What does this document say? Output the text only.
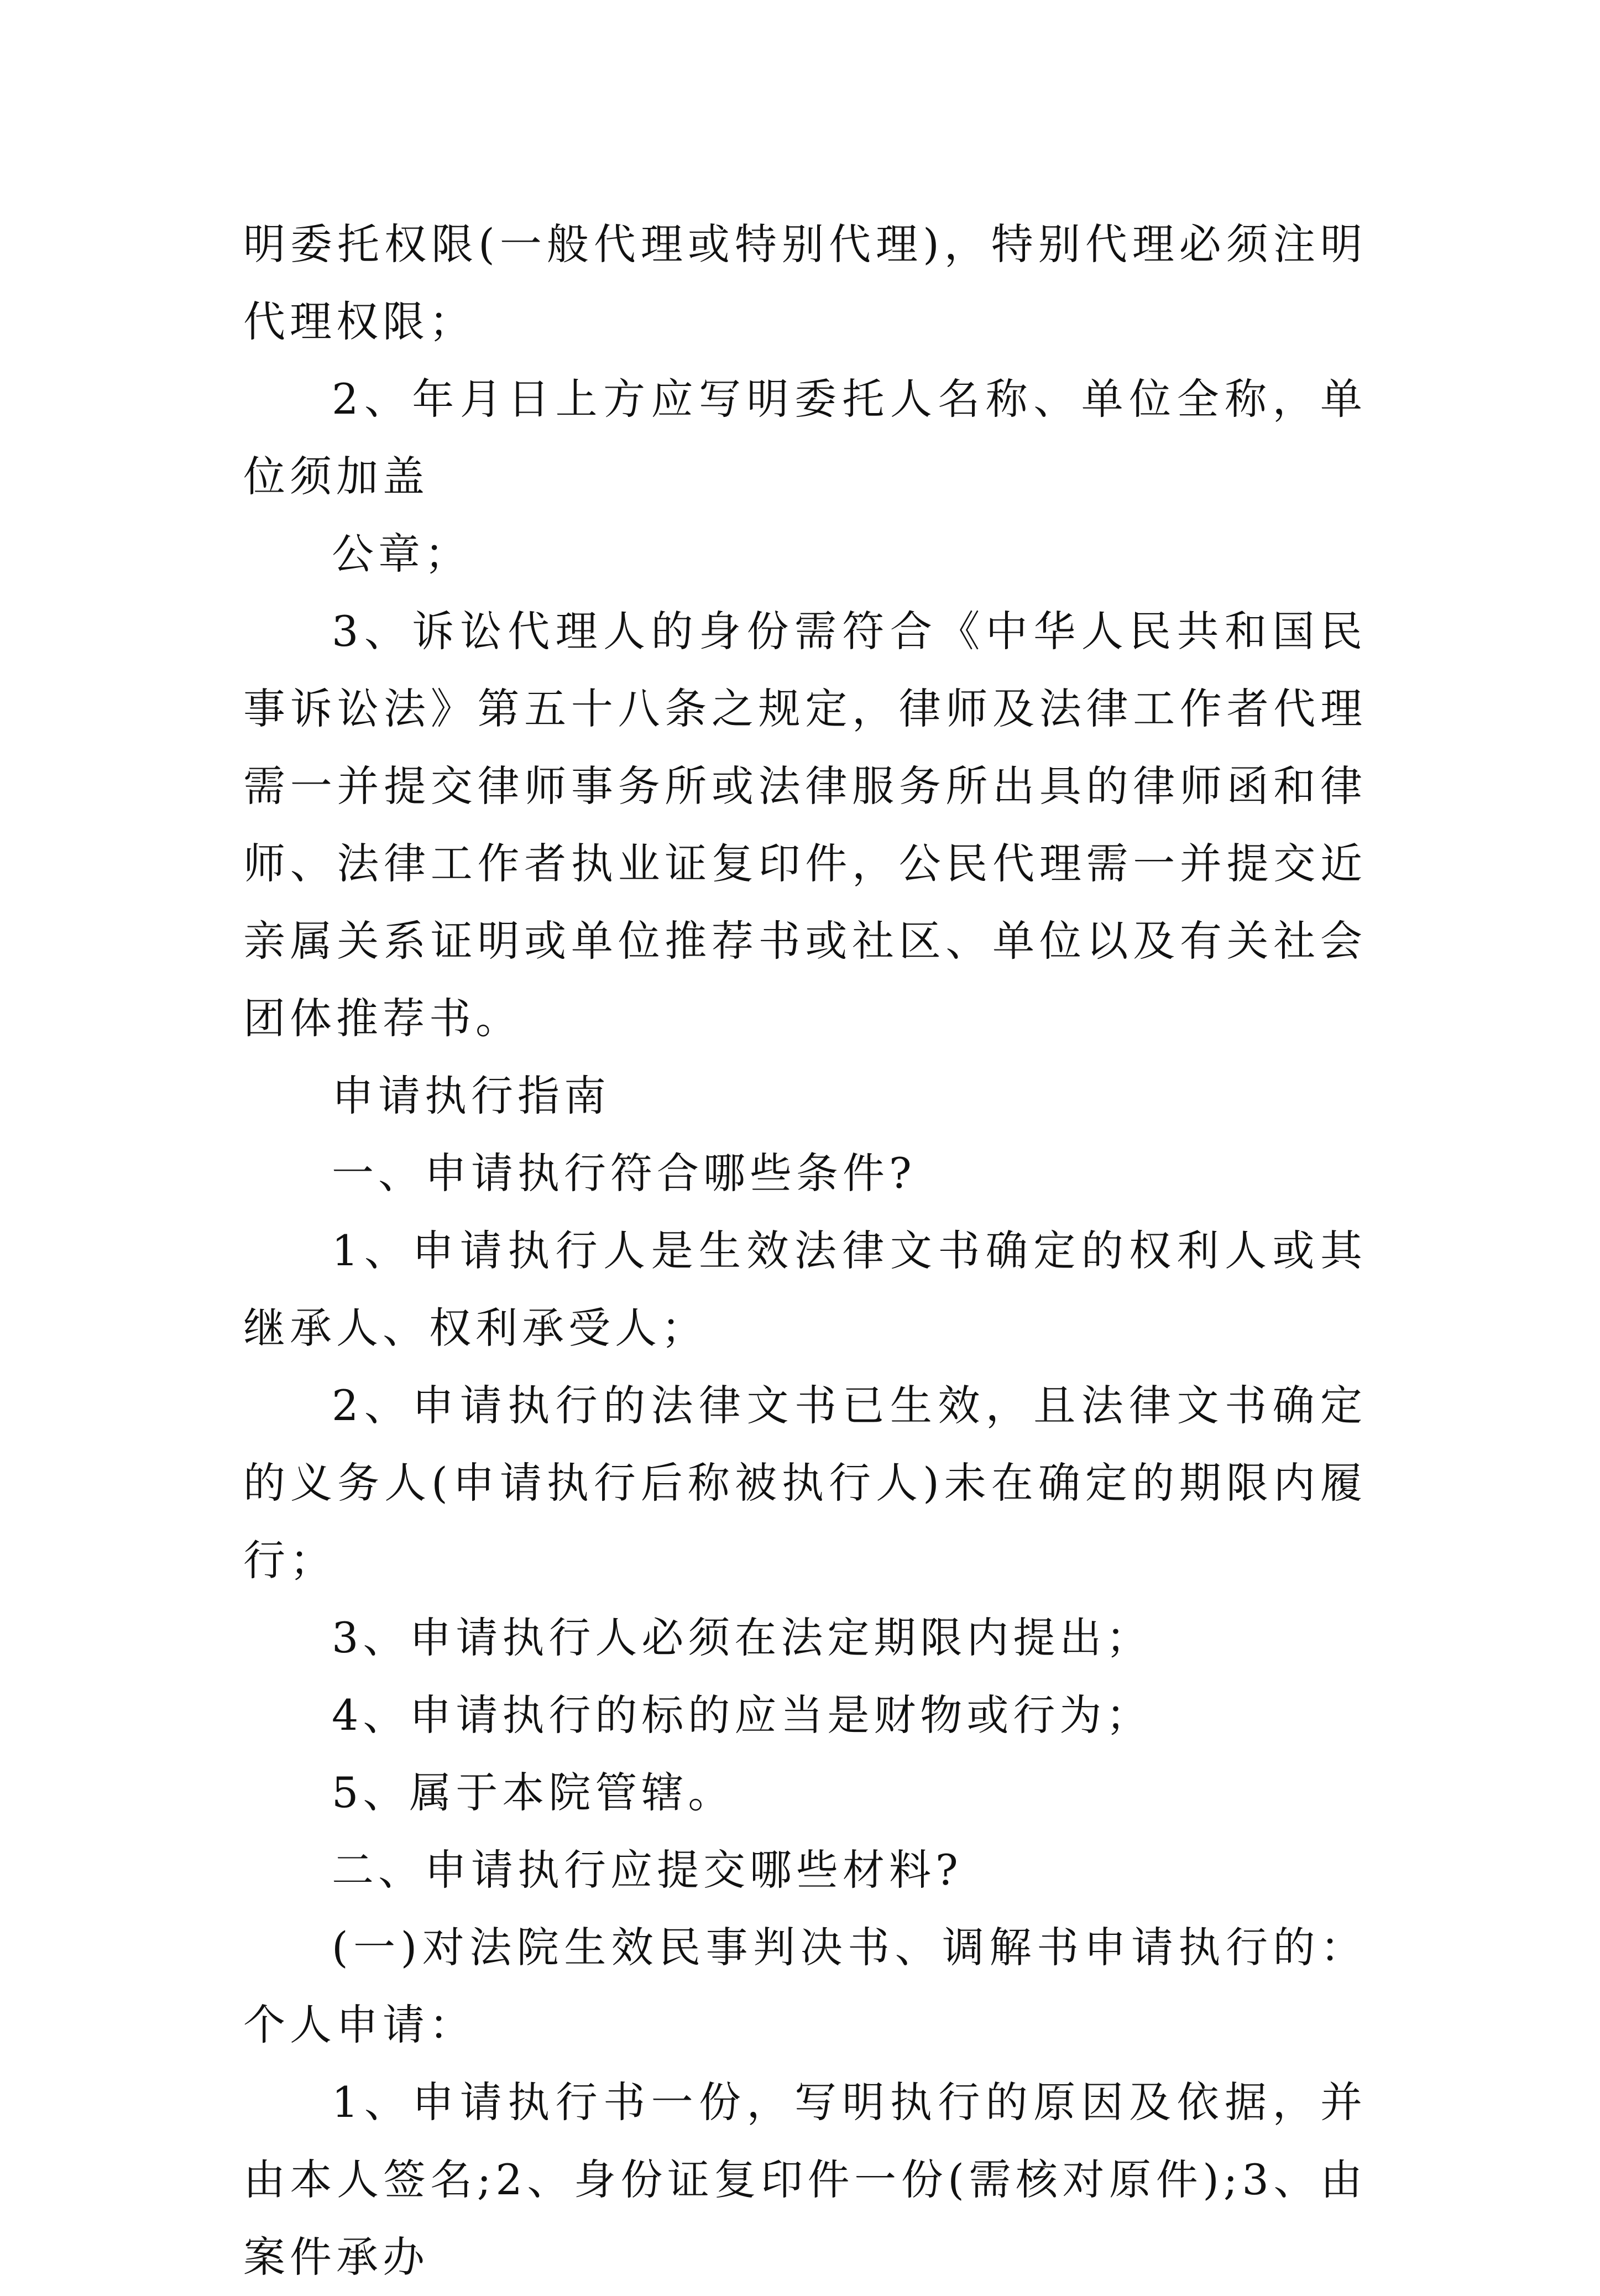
明委托权限(一般代理或特别代理)，特别代理必须注明代理权限；

2、年月日上方应写明委托人名称、单位全称，单位须加盖

公章；

3、诉讼代理人的身份需符合《中华人民共和国民事诉讼法》第五十八条之规定，律师及法律工作者代理需一并提交律师事务所或法律服务所出具的律师函和律师、法律工作者执业证复印件，公民代理需一并提交近亲属关系证明或单位推荐书或社区、单位以及有关社会团体推荐书。

申请执行指南

一、申请执行符合哪些条件?

1、申请执行人是生效法律文书确定的权利人或其继承人、权利承受人；

2、申请执行的法律文书已生效，且法律文书确定的义务人(申请执行后称被执行人)未在确定的期限内履行；

3、申请执行人必须在法定期限内提出；

4、申请执行的标的应当是财物或行为；

5、属于本院管辖。

二、申请执行应提交哪些材料?

(一)对法院生效民事判决书、调解书申请执行的：个人申请：

1、申请执行书一份，写明执行的原因及依据，并由本人签名;2、身份证复印件一份(需核对原件);3、由案件承办
